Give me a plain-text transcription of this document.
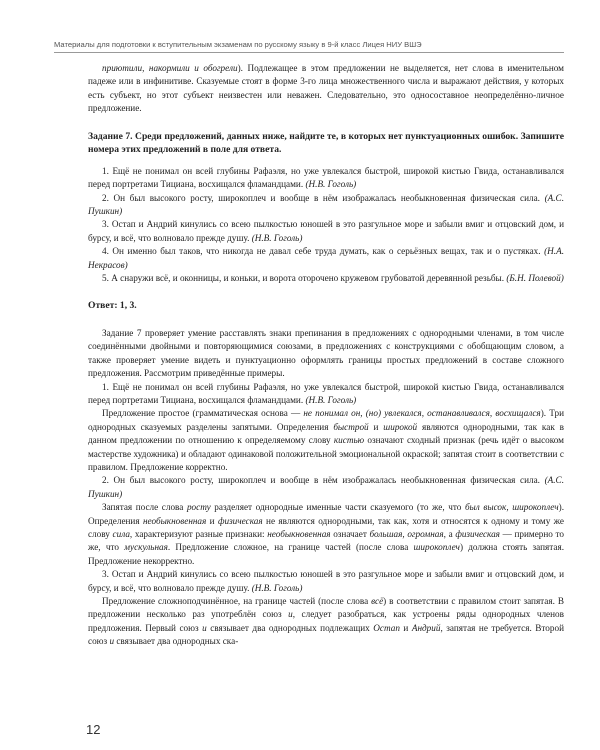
Материалы для подготовки к вступительным экзаменам по русскому языку в 9-й класс Лицея НИУ ВШЭ

приютили, накормили и обогрели). Подлежащее в этом предложении не выделяется, нет слова в именительном падеже или в инфинитиве. Сказуемые стоят в форме 3-го лица множественного числа и выражают действия, у которых есть субъект, но этот субъект неизвестен или неважен. Следовательно, это односоставное неопределённо-личное предложение.

Задание 7. Среди предложений, данных ниже, найдите те, в которых нет пунктуационных ошибок. Запишите номера этих предложений в поле для ответа.

1. Ещё не понимал он всей глубины Рафаэля, но уже увлекался быстрой, широкой кистью Гвида, останавливался перед портретами Тициана, восхищался фламандцами. (Н.В. Гоголь)

2. Он был высокого росту, широкоплеч и вообще в нём изображалась необыкновенная физическая сила. (А.С. Пушкин)

3. Остап и Андрий кинулись со всею пылкостью юношей в это разгульное море и забыли вмиг и отцовский дом, и бурсу, и всё, что волновало прежде душу. (Н.В. Гоголь)

4. Он именно был таков, что никогда не давал себе труда думать, как о серьёзных вещах, так и о пустяках. (Н.А. Некрасов)

5. А снаружи всё, и оконницы, и коньки, и ворота оторочено кружевом грубоватой деревянной резьбы. (Б.Н. Полевой)

Ответ: 1, 3.

Задание 7 проверяет умение расставлять знаки препинания в предложениях с однородными членами, в том числе соединёнными двойными и повторяющимися союзами, в предложениях с конструкциями с обобщающим словом, а также проверяет умение видеть и пунктуационно оформлять границы простых предложений в составе сложного предложения. Рассмотрим приведённые примеры.

1. Ещё не понимал он всей глубины Рафаэля, но уже увлекался быстрой, широкой кистью Гвида, останавливался перед портретами Тициана, восхищался фламандцами. (Н.В. Гоголь)

Предложение простое (грамматическая основа — не понимал он, (но) увлекался, останавливался, восхищался). Три однородных сказуемых разделены запятыми. Определения быстрой и широкой являются однородными, так как в данном предложении по отношению к определяемому слову кистью означают сходный признак (речь идёт о высоком мастерстве художника) и обладают одинаковой положительной эмоциональной окраской; запятая стоит в соответствии с правилом. Предложение корректно.

2. Он был высокого росту, широкоплеч и вообще в нём изображалась необыкновенная физическая сила. (А.С. Пушкин)

Запятая после слова росту разделяет однородные именные части сказуемого (то же, что был высок, широкоплеч). Определения необыкновенная и физическая не являются однородными, так как, хотя и относятся к одному и тому же слову сила, характеризуют разные признаки: необыкновенная означает большая, огромная, а физическая — примерно то же, что мускульная. Предложение сложное, на границе частей (после слова широкоплеч) должна стоять запятая. Предложение некорректно.

3. Остап и Андрий кинулись со всею пылкостью юношей в это разгульное море и забыли вмиг и отцовский дом, и бурсу, и всё, что волновало прежде душу. (Н.В. Гоголь)

Предложение сложноподчинённое, на границе частей (после слова всё) в соответствии с правилом стоит запятая. В предложении несколько раз употреблён союз и, следует разобраться, как устроены ряды однородных членов предложения. Первый союз и связывает два однородных подлежащих Остап и Андрий, запятая не требуется. Второй союз и связывает два однородных ска-

12
